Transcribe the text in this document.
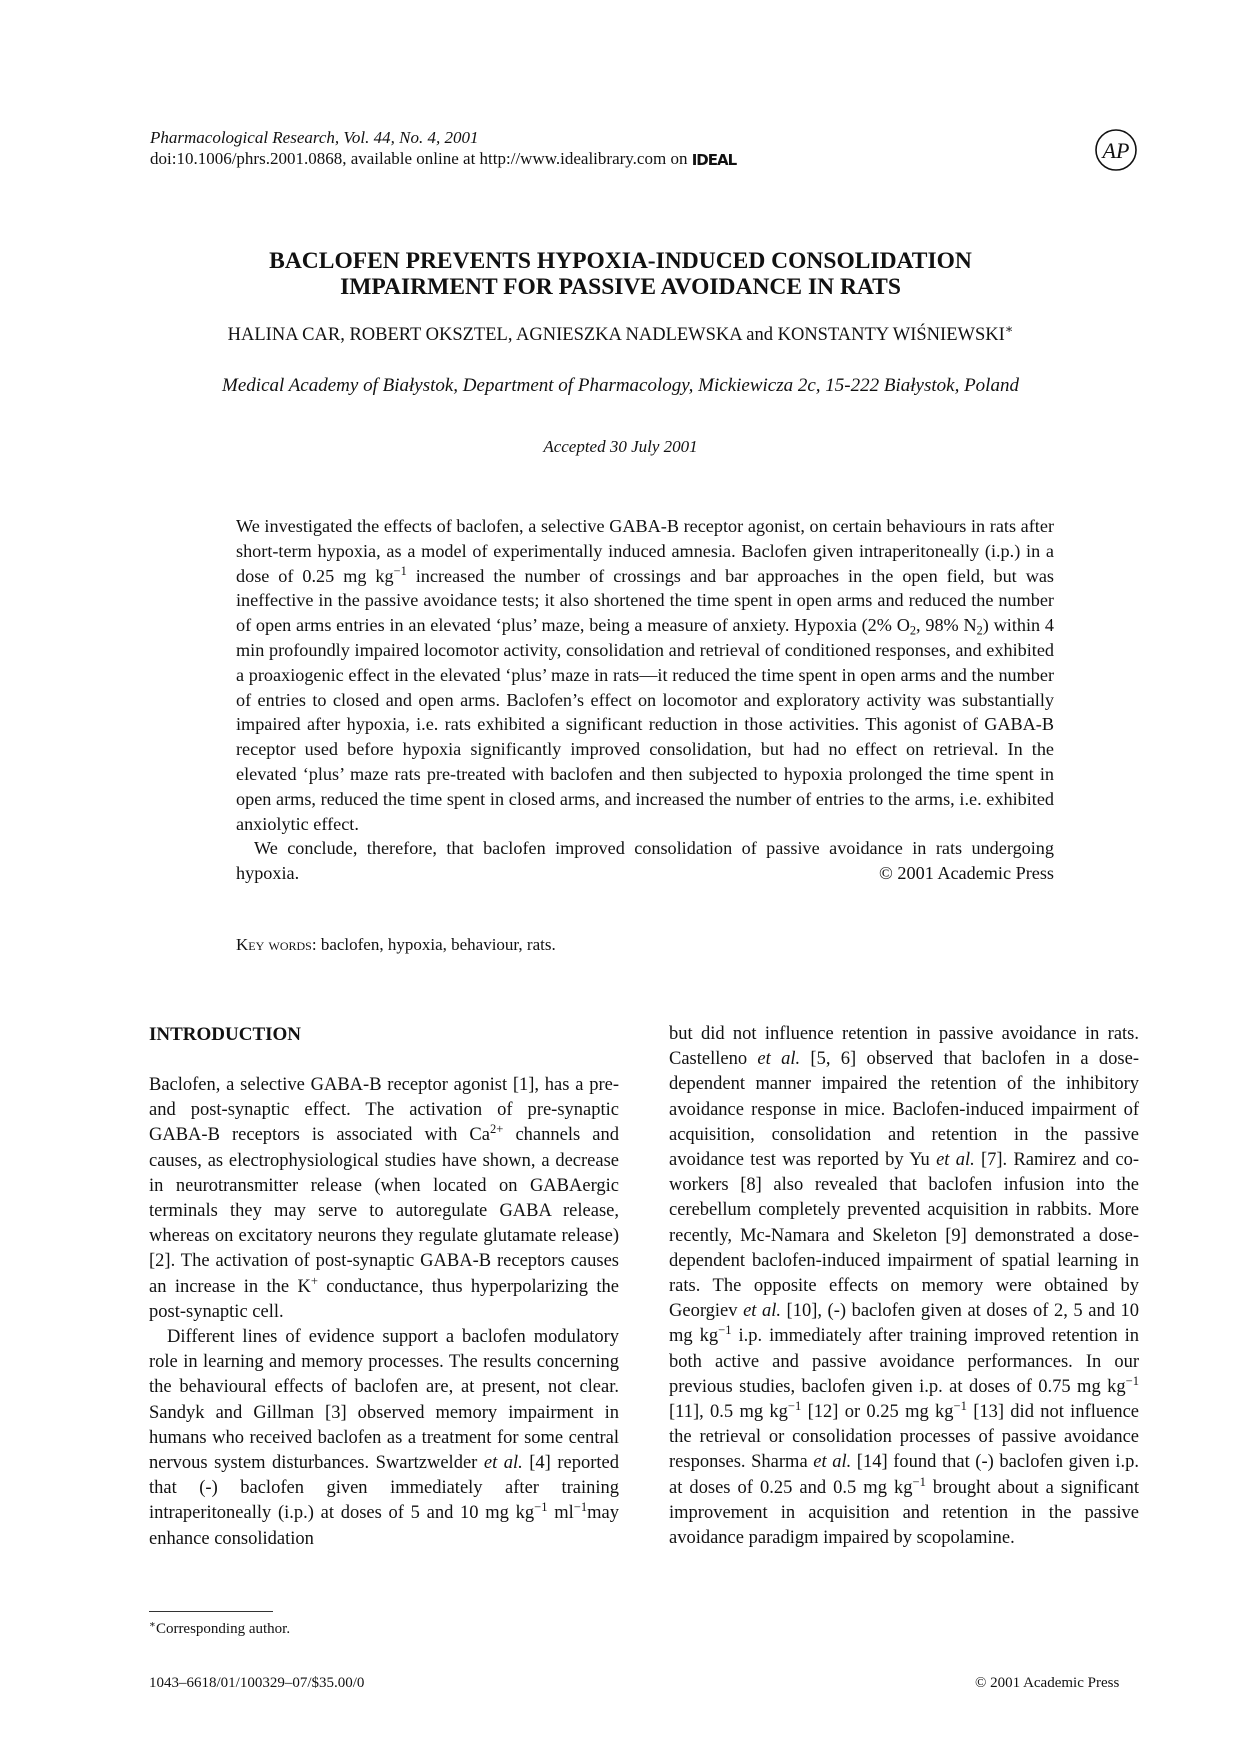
Pharmacological Research, Vol. 44, No. 4, 2001
doi:10.1006/phrs.2001.0868, available online at http://www.idealibrary.com on IDEAL	AP
BACLOFEN PREVENTS HYPOXIA-INDUCED CONSOLIDATION
IMPAIRMENT FOR PASSIVE AVOIDANCE IN RATS
HALINA CAR, ROBERT OKSZTEL, AGNIESZKA NADLEWSKA and KONSTANTY WIŚNIEWSKI∗
Medical Academy of Białystok, Department of Pharmacology, Mickiewicza 2c, 15-222 Białystok, Poland
Accepted 30 July 2001

We investigated the effects of baclofen, a selective GABA-B receptor agonist, on certain behaviours in rats after short-term hypoxia, as a model of experimentally induced amnesia. Baclofen given intraperitoneally (i.p.) in a dose of 0.25 mg $kg^{-1}$ increased the number of crossings and bar approaches in the open field, but was ineffective in the passive avoidance tests; it also shortened the time spent in open arms and reduced the number of open arms entries in an elevated ‘plus’ maze, being a measure of anxiety. Hypoxia (2% $O_2$, 98% $N_2$) within 4 min profoundly impaired locomotor activity, consolidation and retrieval of conditioned responses, and exhibited a proaxiogenic effect in the elevated ‘plus’ maze in rats—it reduced the time spent in open arms and the number of entries to closed and open arms. Baclofen’s effect on locomotor and exploratory activity was substantially impaired after hypoxia, i.e. rats exhibited a significant reduction in those activities. This agonist of GABA-B receptor used before hypoxia significantly improved consolidation, but had no effect on retrieval. In the elevated ‘plus’ maze rats pre-treated with baclofen and then subjected to hypoxia prolonged the time spent in open arms, reduced the time spent in closed arms, and increased the number of entries to the arms, i.e. exhibited anxiolytic effect.

We conclude, therefore, that baclofen improved consolidation of passive avoidance in rats undergoing hypoxia.	© 2001 Academic Press

Key words: baclofen, hypoxia, behaviour, rats.
INTRODUCTION

Baclofen, a selective GABA-B receptor agonist [1], has a pre- and post-synaptic effect. The activation of pre-synaptic GABA-B receptors is associated with $Ca^{2+}$ channels and causes, as electrophysiological studies have shown, a decrease in neurotransmitter release (when located on GABAergic terminals they may serve to autoregulate GABA release, whereas on excitatory neurons they regulate glutamate release) [2]. The activation of post-synaptic GABA-B receptors causes an increase in the K+ conductance, thus hyperpolarizing the post-synaptic cell.

Different lines of evidence support a baclofen modulatory role in learning and memory processes. The results concerning the behavioural effects of baclofen are, at present, not clear. Sandyk and Gillman [3] observed memory impairment in humans who received baclofen as a treatment for some central nervous system disturbances. Swartzwelder et al. [4] reported that (-) baclofen given immediately after training intraperitoneally (i.p.) at doses of 5 and 10 mg $kg^{-1}$ $ml^{-1}may$ enhance consolidation

but did not influence retention in passive avoidance in rats. Castelleno et al. [5, 6] observed that baclofen in a dose-dependent manner impaired the retention of the inhibitory avoidance response in mice. Baclofen-induced impairment of acquisition, consolidation and retention in the passive avoidance test was reported by Yu et al. [7]. Ramirez and co-workers [8] also revealed that baclofen infusion into the cerebellum completely prevented acquisition in rabbits. More recently, Mc-Namara and Skeleton [9] demonstrated a dose-dependent baclofen-induced impairment of spatial learning in rats. The opposite effects on memory were obtained by Georgiev et al. [10], (-) baclofen given at doses of 2, 5 and 10 mg $kg^{-1}$ i.p. immediately after training improved retention in both active and passive avoidance performances. In our previous studies, baclofen given i.p. at doses of 0.75 mg $kg^{-1}$ [11], 0.5 mg $kg^{-1}$ [12] or 0.25 mg $kg^{-1}$ [13] did not influence the retrieval or consolidation processes of passive avoidance responses. Sharma et al. [14] found that (-) baclofen given i.p. at doses of 0.25 and 0.5 mg $kg^{-1}$ brought about a significant improvement in acquisition and retention in the passive avoidance paradigm impaired by scopolamine.

∗Corresponding author.
1043–6618/01/100329–07/$35.00/0	© 2001 Academic Press
